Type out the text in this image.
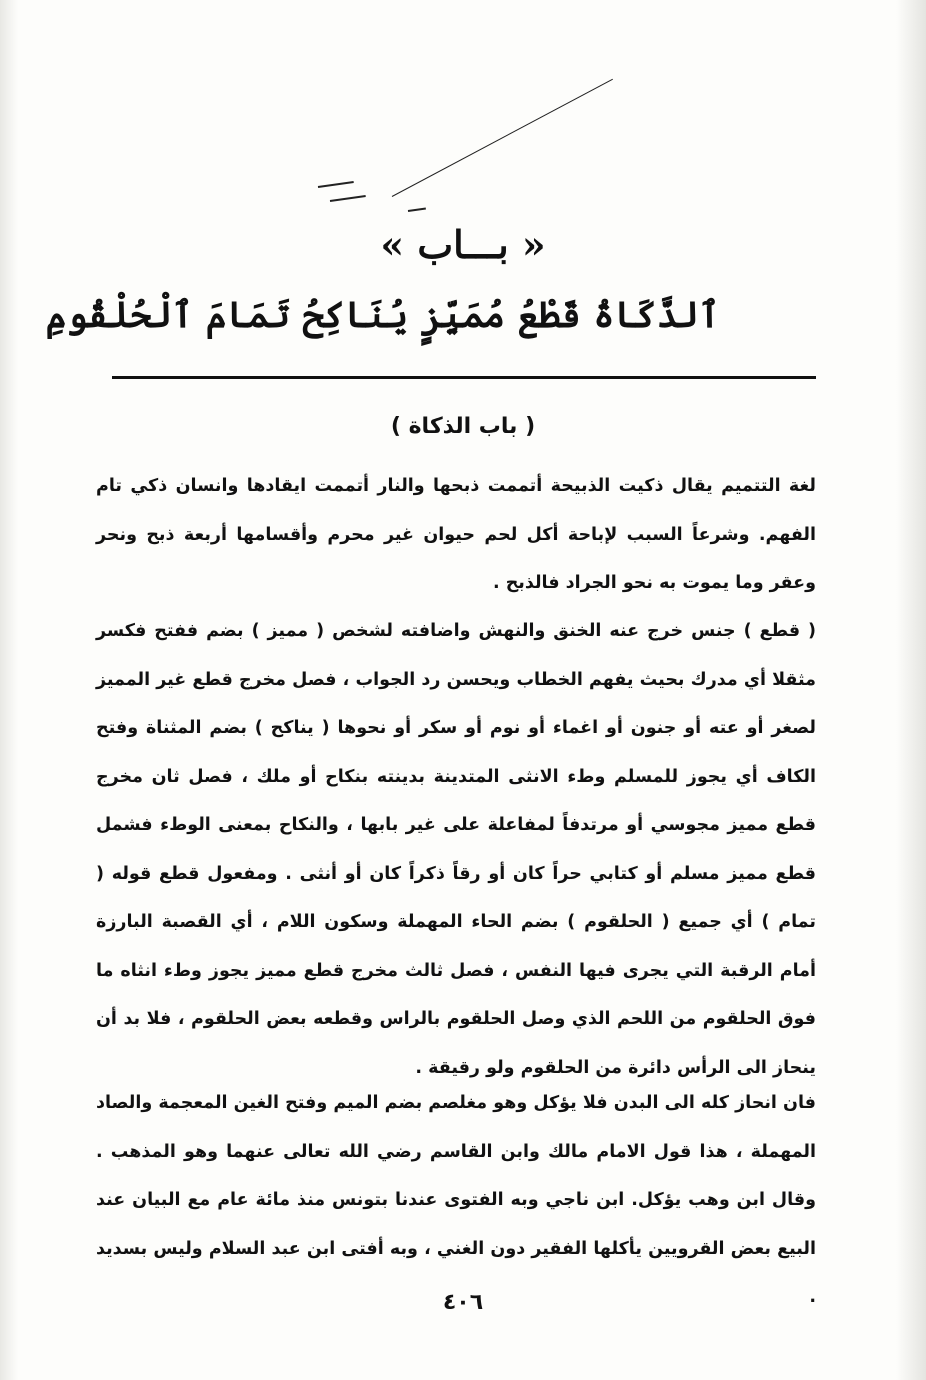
« بـــاب »
ٱلذَّكَاةُ قَطْعُ مُمَيِّزٍ يُنَاكِحُ تَمَامَ ٱلْحُلْقُومِ
( باب الذكاة )
لغة التتميم يقال ذكيت الذبيحة أتممت ذبحها والنار أتممت ايقادها وانسان ذكي تام الفهم. وشرعاً السبب لإباحة أكل لحم حيوان غير محرم وأقسامها أربعة ذبح ونحر وعقر وما يموت به نحو الجراد فالذبح .
( قطع ) جنس خرج عنه الخنق والنهش واضافته لشخص ( مميز ) بضم ففتح فكسر مثقلا أي مدرك بحيث يفهم الخطاب ويحسن رد الجواب ، فصل مخرج قطع غير المميز لصغر أو عته أو جنون أو اغماء أو نوم أو سكر أو نحوها ( يناكح ) بضم المثناة وفتح الكاف أي يجوز للمسلم وطء الانثى المتدينة بدينته بنكاح أو ملك ، فصل ثان مخرج قطع مميز مجوسي أو مرتدفاً لمفاعلة على غير بابها ، والنكاح بمعنى الوطء فشمل قطع مميز مسلم أو كتابي حراً كان أو رقاً ذكراً كان أو أنثى . ومفعول قطع قوله ( تمام ) أي جميع ( الحلقوم ) بضم الحاء المهملة وسكون اللام ، أي القصبة البارزة أمام الرقبة التي يجرى فيها النفس ، فصل ثالث مخرج قطع مميز يجوز وطء انثاه ما فوق الحلقوم من اللحم الذي وصل الحلقوم بالراس وقطعه بعض الحلقوم ، فلا بد أن ينحاز الى الرأس دائرة من الحلقوم ولو رقيقة .
فان انحاز كله الى البدن فلا يؤكل وهو مغلصم بضم الميم وفتح الغين المعجمة والصاد المهملة ، هذا قول الامام مالك وابن القاسم رضي الله تعالى عنهما وهو المذهب . وقال ابن وهب يؤكل. ابن ناجي وبه الفتوى عندنا بتونس منذ مائة عام مع البيان عند البيع بعض القرويين يأكلها الفقير دون الغني ، وبه أفتى ابن عبد السلام وليس بسديد .
٤٠٦
